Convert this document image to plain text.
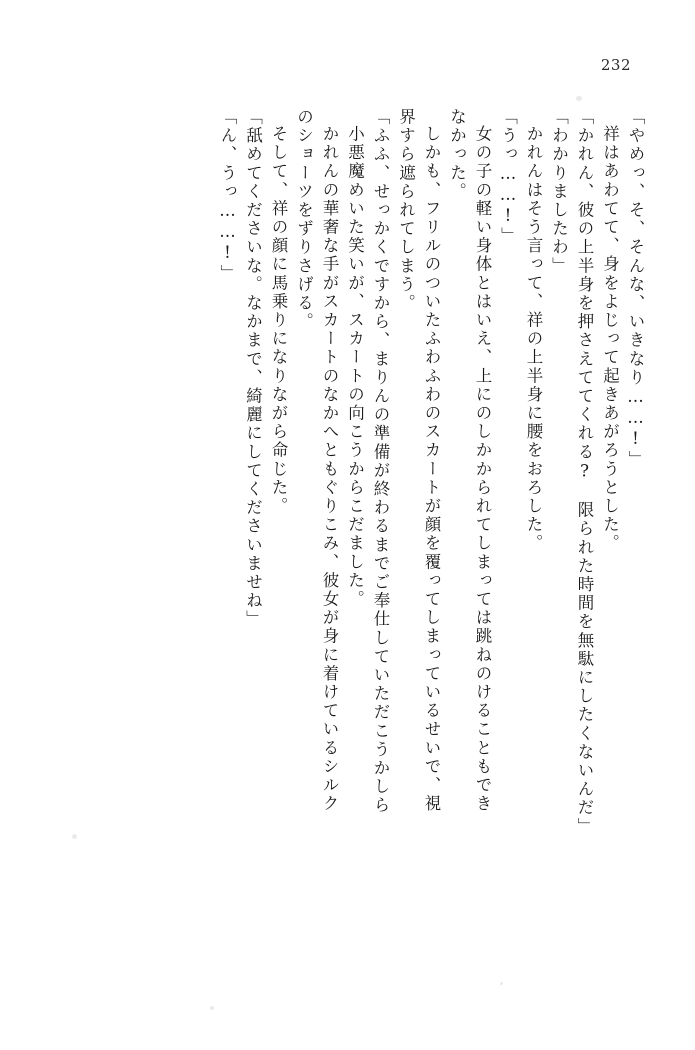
232
「やめっ、そ、そんな、いきなり……!」
祥はあわてて、身をよじって起きあがろうとした。
「かれん、彼の上半身を押さえててくれる?　限られた時間を無駄にしたくないんだ」
「わかりましたわ」
かれんはそう言って、祥の上半身に腰をおろした。
「うっ……!」
女の子の軽い身体とはいえ、上にのしかかられてしまっては跳ねのけることもでき
なかった。
しかも、フリルのついたふわふわのスカートが顔を覆ってしまっているせいで、視
界すら遮られてしまう。
「ふふ、せっかくですから、まりんの準備が終わるまでご奉仕していただこうかしら
小悪魔めいた笑いが、スカートの向こうからこだました。
かれんの華奢な手がスカートのなかへともぐりこみ、彼女が身に着けているシルク
のショーツをずりさげる。
そして、祥の顔に馬乗りになりながら命じた。
「舐めてくださいな。なかまで、綺麗にしてくださいませね」
「ん、うっ……!」
